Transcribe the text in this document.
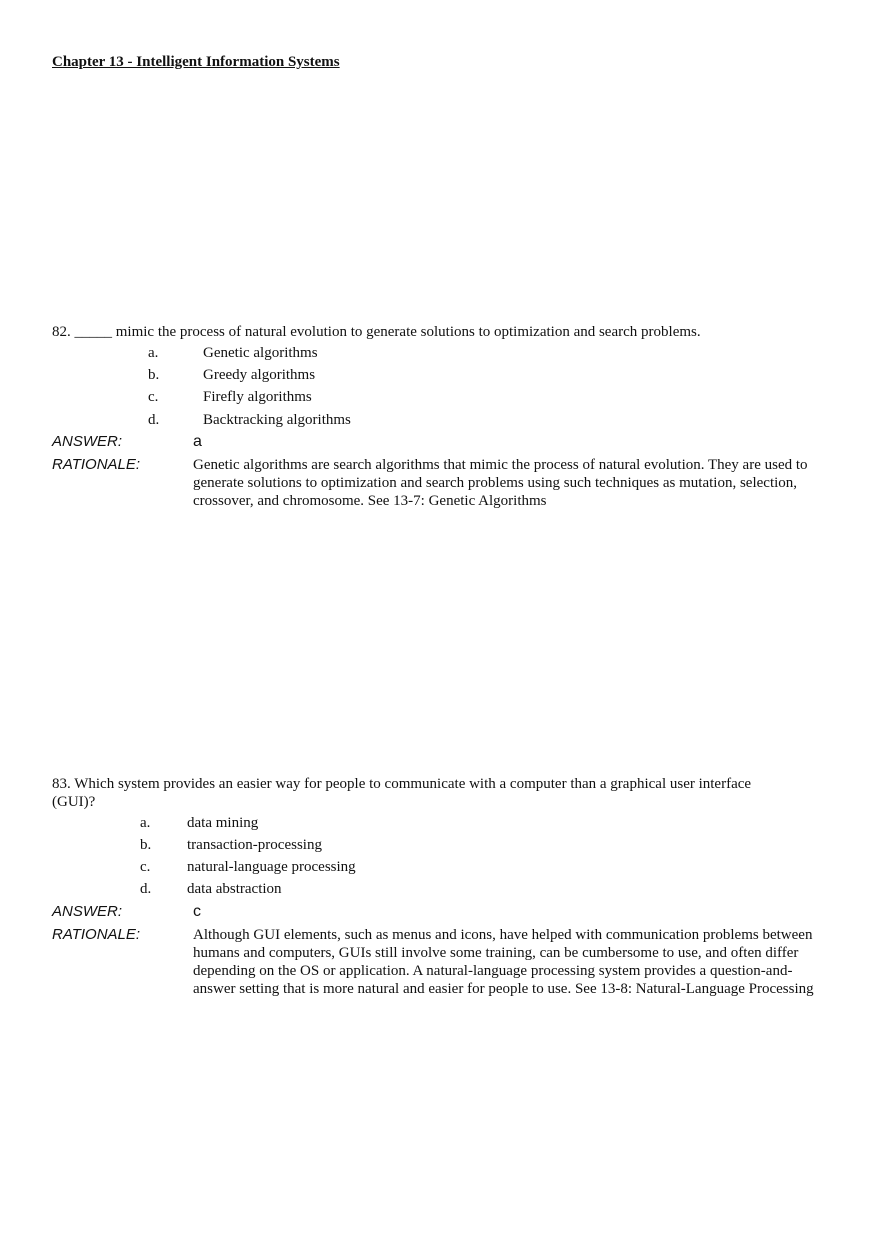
Chapter 13 - Intelligent Information Systems
82. _____ mimic the process of natural evolution to generate solutions to optimization and search problems.
a.	Genetic algorithms
b.	Greedy algorithms
c.	Firefly algorithms
d.	Backtracking algorithms
ANSWER:	a
RATIONALE:	Genetic algorithms are search algorithms that mimic the process of natural evolution. They are used to generate solutions to optimization and search problems using such techniques as mutation, selection, crossover, and chromosome. See 13-7: Genetic Algorithms
83. Which system provides an easier way for people to communicate with a computer than a graphical user interface (GUI)?
a. data mining
b. transaction-processing
c. natural-language processing
d. data abstraction
ANSWER:	c
RATIONALE:	Although GUI elements, such as menus and icons, have helped with communication problems between humans and computers, GUIs still involve some training, can be cumbersome to use, and often differ depending on the OS or application. A natural-language processing system provides a question-and-answer setting that is more natural and easier for people to use. See 13-8: Natural-Language Processing
